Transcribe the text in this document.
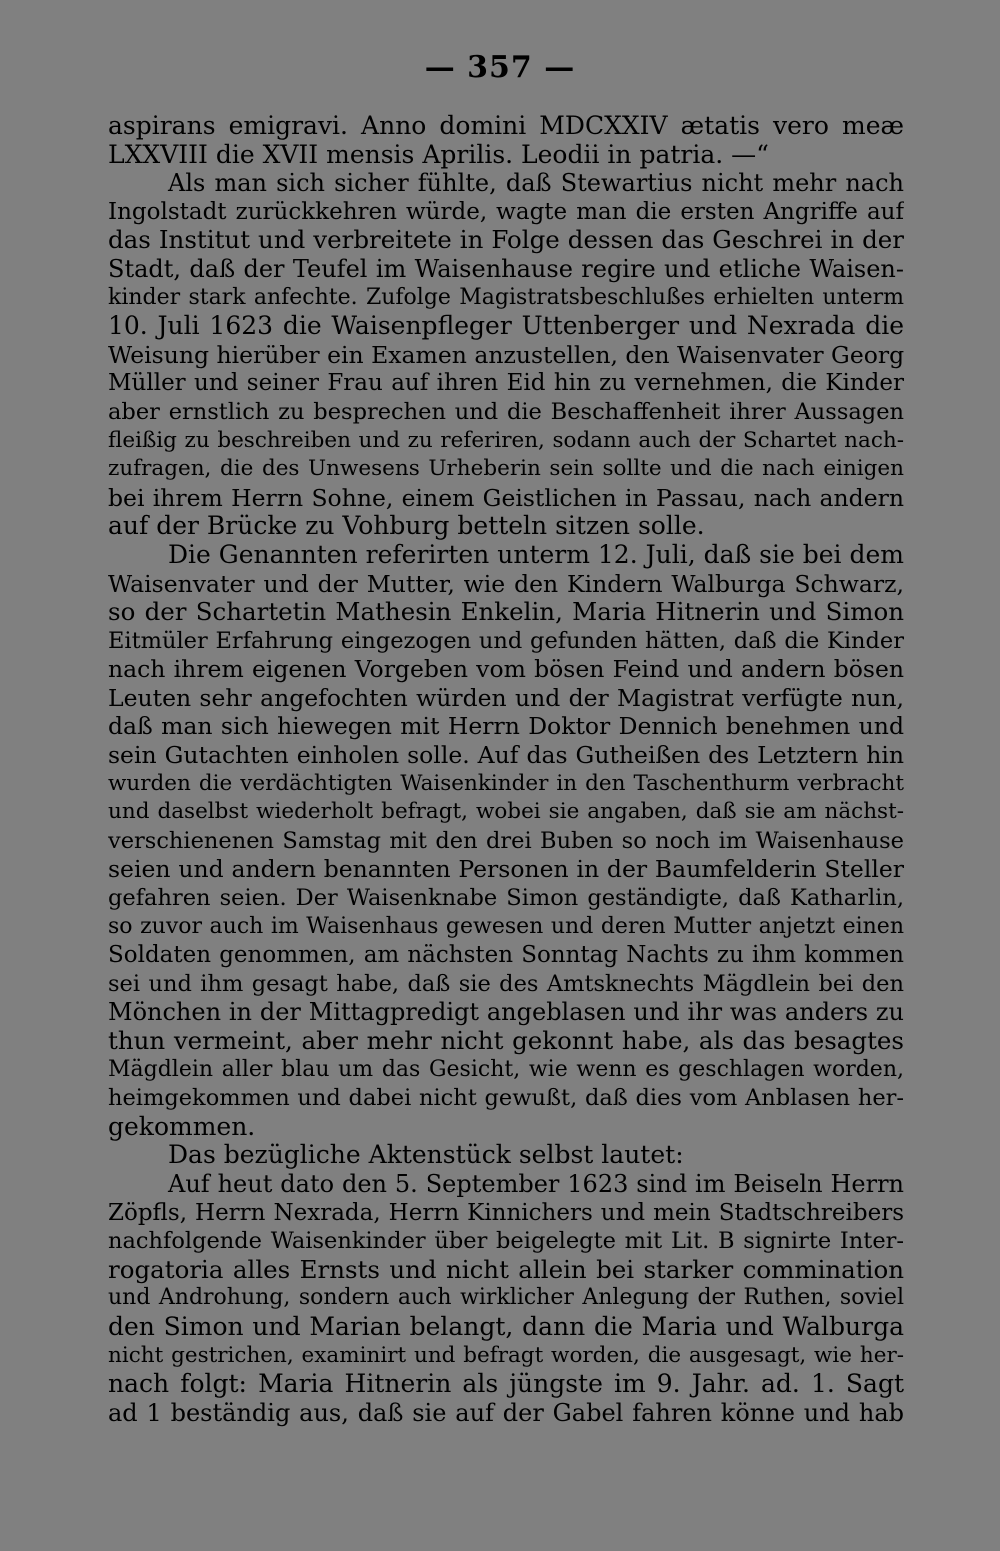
— 357 —
aspirans emigravi. Anno domini MDCXXIV ætatis vero meæ
LXXVIII die XVII mensis Aprilis. Leodii in patria. —“
Als man sich sicher fühlte, daß Stewartius nicht mehr nach
Ingolstadt zurückkehren würde, wagte man die ersten Angriffe auf
das Institut und verbreitete in Folge dessen das Geschrei in der
Stadt, daß der Teufel im Waisenhause regire und etliche Waisen-
kinder stark anfechte. Zufolge Magistratsbeschlußes erhielten unterm
10. Juli 1623 die Waisenpfleger Uttenberger und Nexrada die
Weisung hierüber ein Examen anzustellen, den Waisenvater Georg
Müller und seiner Frau auf ihren Eid hin zu vernehmen, die Kinder
aber ernstlich zu besprechen und die Beschaffenheit ihrer Aussagen
fleißig zu beschreiben und zu referiren, sodann auch der Schartet nach-
zufragen, die des Unwesens Urheberin sein sollte und die nach einigen
bei ihrem Herrn Sohne, einem Geistlichen in Passau, nach andern
auf der Brücke zu Vohburg betteln sitzen solle.
Die Genannten referirten unterm 12. Juli, daß sie bei dem
Waisenvater und der Mutter, wie den Kindern Walburga Schwarz,
so der Schartetin Mathesin Enkelin, Maria Hitnerin und Simon
Eitmüler Erfahrung eingezogen und gefunden hätten, daß die Kinder
nach ihrem eigenen Vorgeben vom bösen Feind und andern bösen
Leuten sehr angefochten würden und der Magistrat verfügte nun,
daß man sich hiewegen mit Herrn Doktor Dennich benehmen und
sein Gutachten einholen solle. Auf das Gutheißen des Letztern hin
wurden die verdächtigten Waisenkinder in den Taschenthurm verbracht
und daselbst wiederholt befragt, wobei sie angaben, daß sie am nächst-
verschienenen Samstag mit den drei Buben so noch im Waisenhause
seien und andern benannten Personen in der Baumfelderin Steller
gefahren seien. Der Waisenknabe Simon geständigte, daß Katharlin,
so zuvor auch im Waisenhaus gewesen und deren Mutter anjetzt einen
Soldaten genommen, am nächsten Sonntag Nachts zu ihm kommen
sei und ihm gesagt habe, daß sie des Amtsknechts Mägdlein bei den
Mönchen in der Mittagpredigt angeblasen und ihr was anders zu
thun vermeint, aber mehr nicht gekonnt habe, als das besagtes
Mägdlein aller blau um das Gesicht, wie wenn es geschlagen worden,
heimgekommen und dabei nicht gewußt, daß dies vom Anblasen her-
gekommen.
Das bezügliche Aktenstück selbst lautet:
Auf heut dato den 5. September 1623 sind im Beiseln Herrn
Zöpfls, Herrn Nexrada, Herrn Kinnichers und mein Stadtschreibers
nachfolgende Waisenkinder über beigelegte mit Lit. B signirte Inter-
rogatoria alles Ernsts und nicht allein bei starker commination
und Androhung, sondern auch wirklicher Anlegung der Ruthen, soviel
den Simon und Marian belangt, dann die Maria und Walburga
nicht gestrichen, examinirt und befragt worden, die ausgesagt, wie her-
nach folgt: Maria Hitnerin als jüngste im 9. Jahr. ad. 1. Sagt
ad 1 beständig aus, daß sie auf der Gabel fahren könne und hab
